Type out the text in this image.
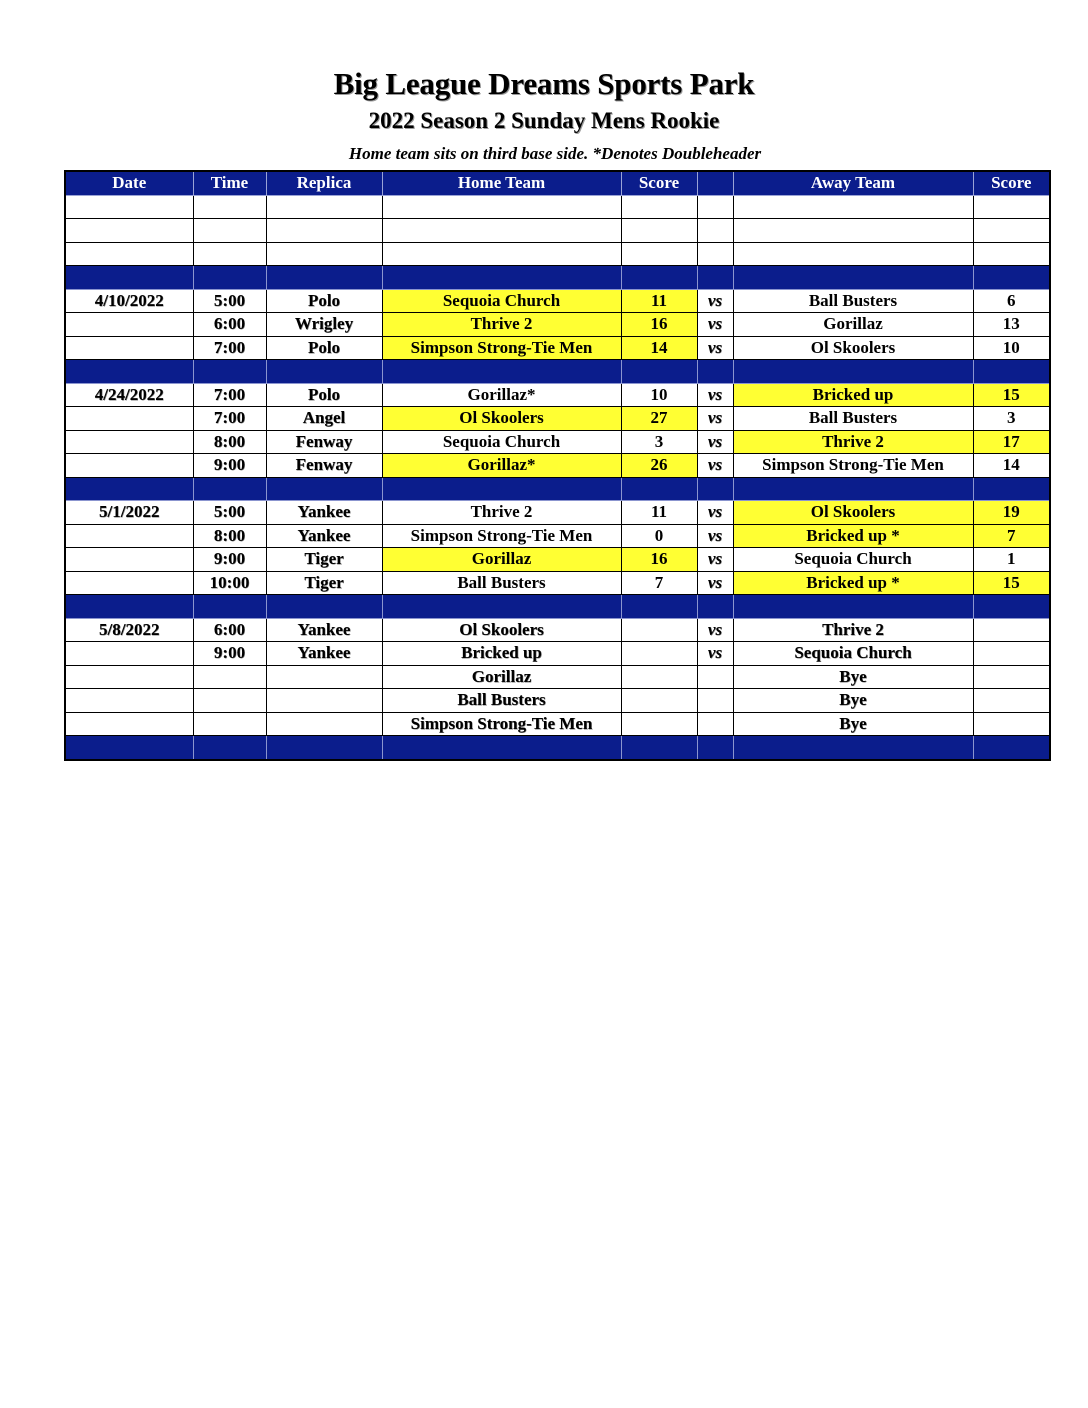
Big League Dreams Sports Park
2022 Season 2 Sunday Mens Rookie
Home team sits on third base side. *Denotes Doubleheader
Date	Time	Replica	Home Team	Score		Away Team	Score

4/10/2022	5:00	Polo	Sequoia Church	11	vs	Ball Busters	6
	6:00	Wrigley	Thrive 2	16	vs	Gorillaz	13
	7:00	Polo	Simpson Strong-Tie Men	14	vs	Ol Skoolers	10

4/24/2022	7:00	Polo	Gorillaz*	10	vs	Bricked up	15
	7:00	Angel	Ol Skoolers	27	vs	Ball Busters	3
	8:00	Fenway	Sequoia Church	3	vs	Thrive 2	17
	9:00	Fenway	Gorillaz*	26	vs	Simpson Strong-Tie Men	14

5/1/2022	5:00	Yankee	Thrive 2	11	vs	Ol Skoolers	19
	8:00	Yankee	Simpson Strong-Tie Men	0	vs	Bricked up *	7
	9:00	Tiger	Gorillaz	16	vs	Sequoia Church	1
	10:00	Tiger	Ball Busters	7	vs	Bricked up *	15

5/8/2022	6:00	Yankee	Ol Skoolers		vs	Thrive 2	
	9:00	Yankee	Bricked up		vs	Sequoia Church	
			Gorillaz			Bye	
			Ball Busters			Bye	
			Simpson Strong-Tie Men			Bye	
